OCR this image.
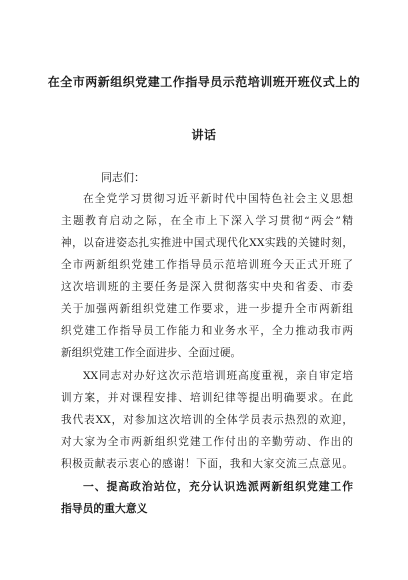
在全市两新组织党建工作指导员示范培训班开班仪式上的
讲话
同志们：
在全党学习贯彻习近平新时代中国特色社会主义思想
主题教育启动之际，在全市上下深入学习贯彻“两会”精
神，以奋进姿态扎实推进中国式现代化XX实践的关键时刻，
全市两新组织党建工作指导员示范培训班今天正式开班了
这次培训班的主要任务是深入贯彻落实中央和省委、市委
关于加强两新组织党建工作要求，进一步提升全市两新组
织党建工作指导员工作能力和业务水平，全力推动我市两
新组织党建工作全面进步、全面过硬。
XX同志对办好这次示范培训班高度重视，亲自审定培
训方案，并对课程安排、培训纪律等提出明确要求。在此
我代表XX，对参加这次培训的全体学员表示热烈的欢迎，
对大家为全市两新组织党建工作付出的辛勤劳动、作出的
积极贡献表示衷心的感谢！下面，我和大家交流三点意见。
一、提高政治站位，充分认识选派两新组织党建工作
指导员的重大意义
